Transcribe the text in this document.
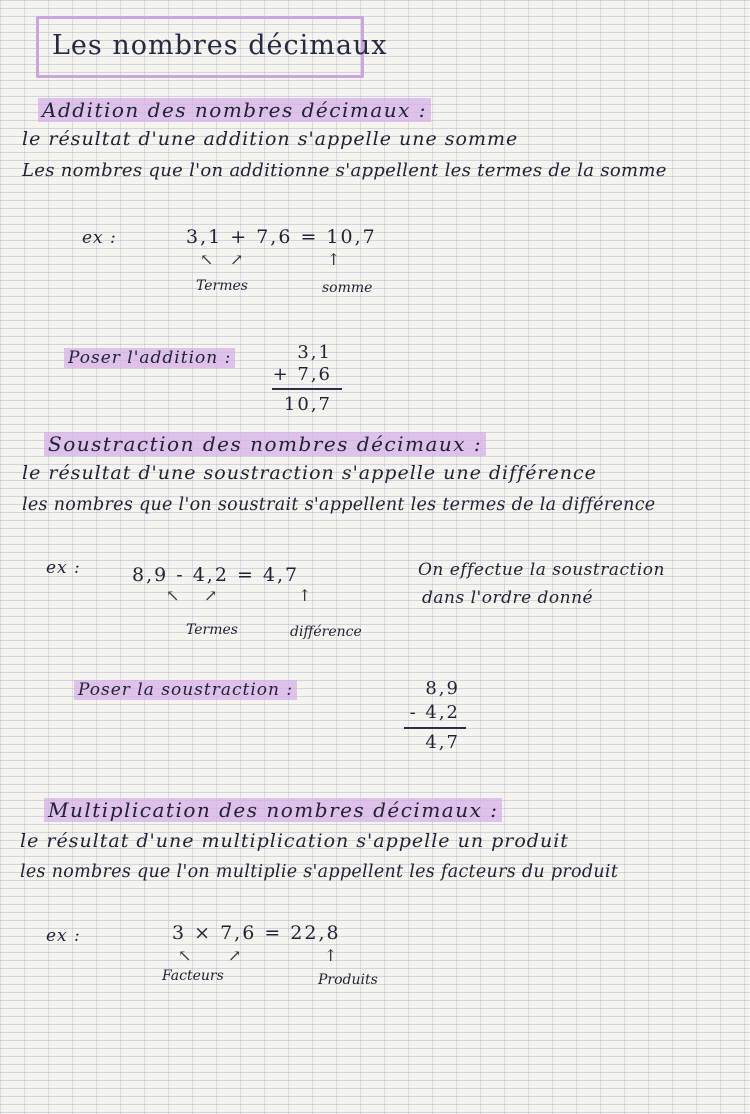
Les nombres décimaux
Addition des nombres décimaux :
le résultat d'une addition s'appelle une somme
Les nombres que l'on additionne s'appellent les termes de la somme
ex :	3,1 + 7,6 = 10,7
↖ ↗	↑
Termes	somme
Poser l'addition :	3,1
+ 7,6
10,7
Soustraction des nombres décimaux :
le résultat d'une soustraction s'appelle une différence
les nombres que l'on soustrait s'appellent les termes de la différence
ex :	8,9 - 4,2 = 4,7	On effectue la soustraction
dans l'ordre donné
↖ ↗	↑
Termes	différence
Poser la soustraction :	8,9
- 4,2
4,7
Multiplication des nombres décimaux :
le résultat d'une multiplication s'appelle un produit
les nombres que l'on multiplie s'appellent les facteurs du produit
ex :	3 × 7,6 = 22,8
↖ ↗	↑
Facteurs	Produits
